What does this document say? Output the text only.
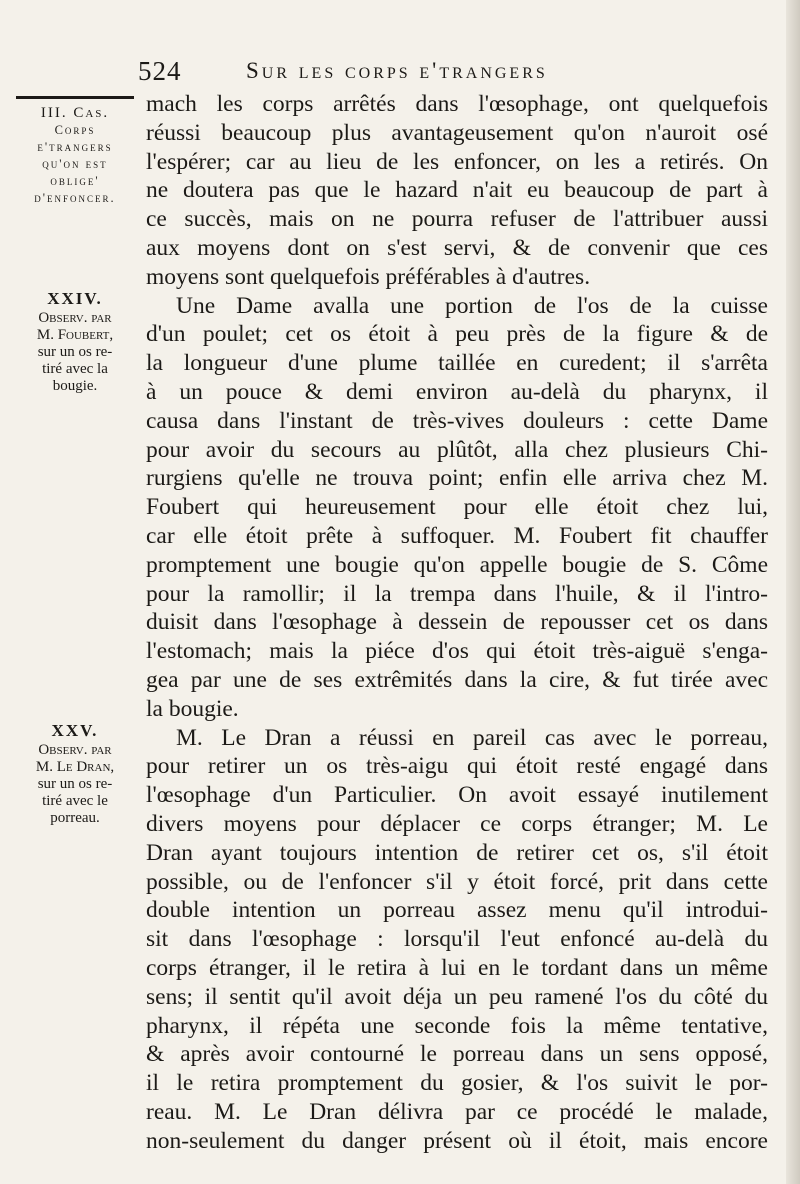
524	Sur les corps e'trangers
III. Cas.
Corps
e'trangers
qu'on est
oblige'
d'enfoncer.
XXIV.
Observ. par
M. Foubert,
sur un os re-
tiré avec la
bougie.
XXV.
Observ. par
M. Le Dran,
sur un os re-
tiré avec le
porreau.
mach les corps arrêtés dans l'œsophage, ont quelquefois
réussi beaucoup plus avantageusement qu'on n'auroit osé
l'espérer; car au lieu de les enfoncer, on les a retirés. On
ne doutera pas que le hazard n'ait eu beaucoup de part à
ce succès, mais on ne pourra refuser de l'attribuer aussi
aux moyens dont on s'est servi, & de convenir que ces
moyens sont quelquefois préférables à d'autres.
Une Dame avalla une portion de l'os de la cuisse
d'un poulet; cet os étoit à peu près de la figure & de
la longueur d'une plume taillée en curedent; il s'arrêta
à un pouce & demi environ au-delà du pharynx, il
causa dans l'instant de très-vives douleurs : cette Dame
pour avoir du secours au plûtôt, alla chez plusieurs Chi-
rurgiens qu'elle ne trouva point; enfin elle arriva chez M.
Foubert qui heureusement pour elle étoit chez lui,
car elle étoit prête à suffoquer. M. Foubert fit chauffer
promptement une bougie qu'on appelle bougie de S. Côme
pour la ramollir; il la trempa dans l'huile, & il l'intro-
duisit dans l'œsophage à dessein de repousser cet os dans
l'estomach; mais la piéce d'os qui étoit très-aiguë s'enga-
gea par une de ses extrêmités dans la cire, & fut tirée avec
la bougie.
M. Le Dran a réussi en pareil cas avec le porreau,
pour retirer un os très-aigu qui étoit resté engagé dans
l'œsophage d'un Particulier. On avoit essayé inutilement
divers moyens pour déplacer ce corps étranger; M. Le
Dran ayant toujours intention de retirer cet os, s'il étoit
possible, ou de l'enfoncer s'il y étoit forcé, prit dans cette
double intention un porreau assez menu qu'il introdui-
sit dans l'œsophage : lorsqu'il l'eut enfoncé au-delà du
corps étranger, il le retira à lui en le tordant dans un même
sens; il sentit qu'il avoit déja un peu ramené l'os du côté du
pharynx, il répéta une seconde fois la même tentative,
& après avoir contourné le porreau dans un sens opposé,
il le retira promptement du gosier, & l'os suivit le por-
reau. M. Le Dran délivra par ce procédé le malade,
non-seulement du danger présent où il étoit, mais encore
